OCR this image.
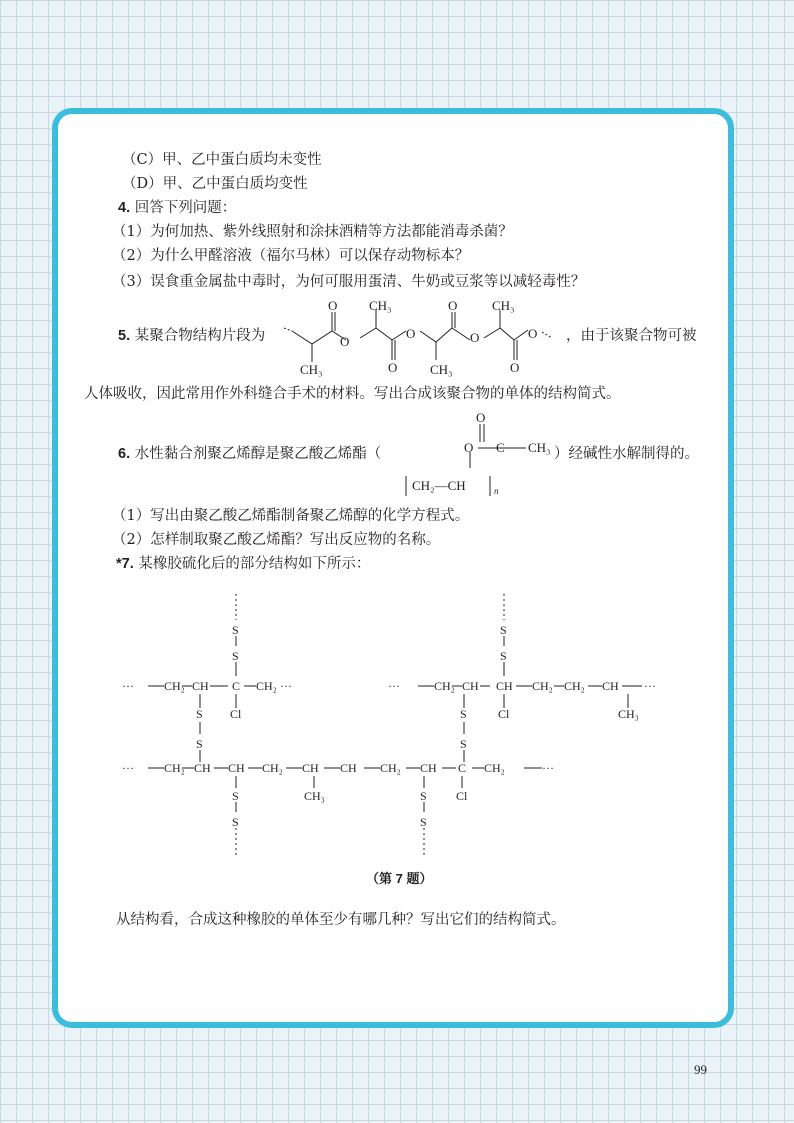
（C）甲、乙中蛋白质均未变性
（D）甲、乙中蛋白质均变性
4. 回答下列问题：
（1）为何加热、紫外线照射和涂抹酒精等方法都能消毒杀菌？
（2）为什么甲醛溶液（福尔马林）可以保存动物标本？
（3）误食重金属盐中毒时，为何可服用蛋清、牛奶或豆浆等以减轻毒性？
5. 某聚合物结构片段为	，由于该聚合物可被
人体吸收，因此常用作外科缝合手术的材料。写出合成该聚合物的单体的结构简式。
O
O
CH₃
O
O
O
CH₃	CH₃
O
CH₃
O
O
6. 水性黏合剂聚乙烯醇是聚乙酸乙烯酯（	）经碱性水解制得的。
O
O C CH₃
CH₂—CH	n
（1）写出由聚乙酸乙烯酯制备聚乙烯醇的化学方程式。
（2）怎样制取聚乙酸乙烯酯？写出反应物的名称。
*7. 某橡胶硫化后的部分结构如下所示：
S
S
···	CH₂ CH C CH₂ ···
Cl
S
S
S
S
···	CH₂ CH CH CH₂ CH₂ CH ···
S	Cl	CH₃
S
···	CH₂ CH CH CH₂ CH CH CH₂ CH C CH₂	···
CH₃	Cl
S
S
S
S
（第 7 题）
从结构看，合成这种橡胶的单体至少有哪几种？写出它们的结构简式。
99
